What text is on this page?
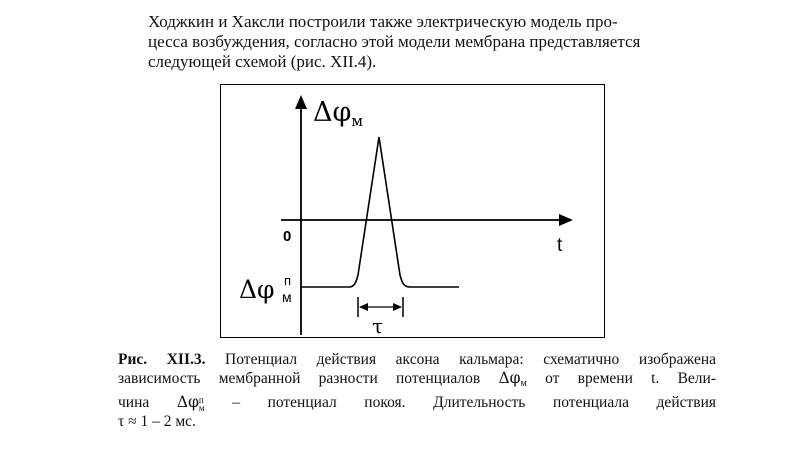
Ходжкин и Хаксли построили также электрическую модель про-
цесса возбуждения, согласно этой модели мембрана представляется
следующей схемой (рис. XII.4).
Δφм
0	t
Δφ п
м
τ
Рис. XII.3. Потенциал действия аксона кальмара: схематично изображена
зависимость мембранной разности потенциалов $\Delta\varphi_м$ от времени t. Вели-
чина Δφ п
м – потенциал покоя. Длительность потенциала действия
τ ≈ 1 – 2 мс.
